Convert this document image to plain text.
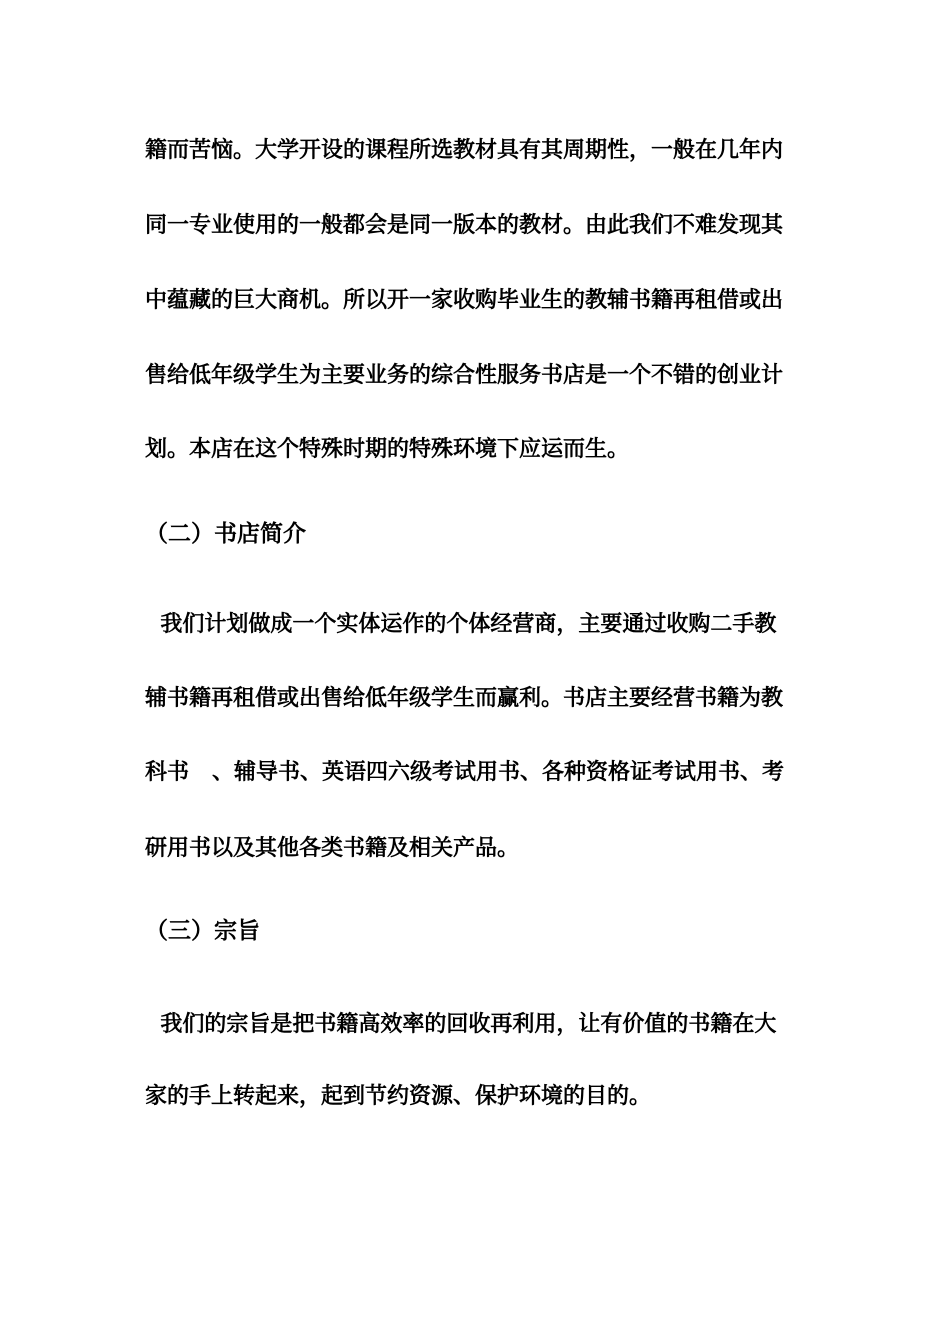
籍而苦恼。大学开设的课程所选教材具有其周期性，一般在几年内
同一专业使用的一般都会是同一版本的教材。由此我们不难发现其
中蕴藏的巨大商机。所以开一家收购毕业生的教辅书籍再租借或出
售给低年级学生为主要业务的综合性服务书店是一个不错的创业计
划。本店在这个特殊时期的特殊环境下应运而生。
（二）书店简介
我们计划做成一个实体运作的个体经营商，主要通过收购二手教
辅书籍再租借或出售给低年级学生而赢利。书店主要经营书籍为教
科书   、辅导书、英语四六级考试用书、各种资格证考试用书、考
研用书以及其他各类书籍及相关产品。
（三）宗旨
我们的宗旨是把书籍高效率的回收再利用，让有价值的书籍在大
家的手上转起来，起到节约资源、保护环境的目的。
